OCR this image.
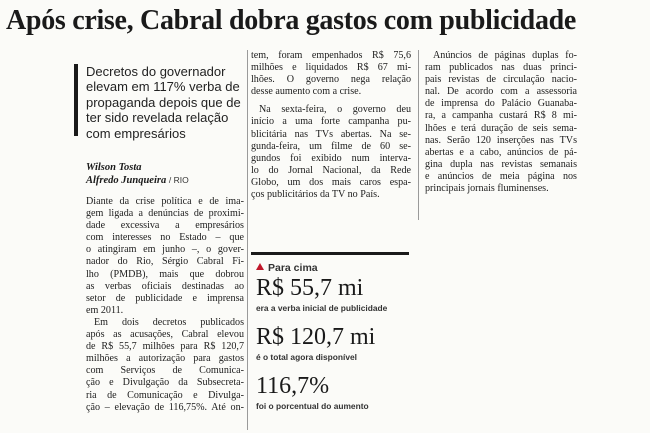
Após crise, Cabral dobra gastos com publicidade
Decretos do governador elevam em 117% verba de propaganda depois que de ter sido revelada relação com empresários
Wilson Tosta
Alfredo Junqueira / RIO
Diante da crise política e de ima-
gem ligada a denúncias de proximi-
dade excessiva a empresários
com interesses no Estado – que
o atingiram em junho –, o gover-
nador do Rio, Sérgio Cabral Fi-
lho (PMDB), mais que dobrou
as verbas oficiais destinadas ao
setor de publicidade e imprensa
em 2011.
Em dois decretos publicados
após as acusações, Cabral elevou
de R$ 55,7 milhões para R$ 120,7
milhões a autorização para gastos
com Serviços de Comunica-
ção e Divulgação da Subsecreta-
ria de Comunicação e Divulga-
ção – elevação de 116,75%. Até on-
tem, foram empenhados R$ 75,6
milhões e liquidados R$ 67 mi-
lhões. O governo nega relação
desse aumento com a crise.
Na sexta-feira, o governo deu
início a uma forte campanha pu-
blicitária nas TVs abertas. Na se-
gunda-feira, um filme de 60 se-
gundos foi exibido num interva-
lo do Jornal Nacional, da Rede
Globo, um dos mais caros espa-
ços publicitários da TV no País.
Anúncios de páginas duplas fo-
ram publicados nas duas princi-
pais revistas de circulação nacio-
nal. De acordo com a assessoria
de imprensa do Palácio Guanaba-
ra, a campanha custará R$ 8 mi-
lhões e terá duração de seis sema-
nas. Serão 120 inserções nas TVs
abertas e a cabo, anúncios de pá-
gina dupla nas revistas semanais
e anúncios de meia página nos
principais jornais fluminenses.
Para cima
R$ 55,7 mi
era a verba inicial de publicidade
R$ 120,7 mi
é o total agora disponível
116,7%
foi o porcentual do aumento
